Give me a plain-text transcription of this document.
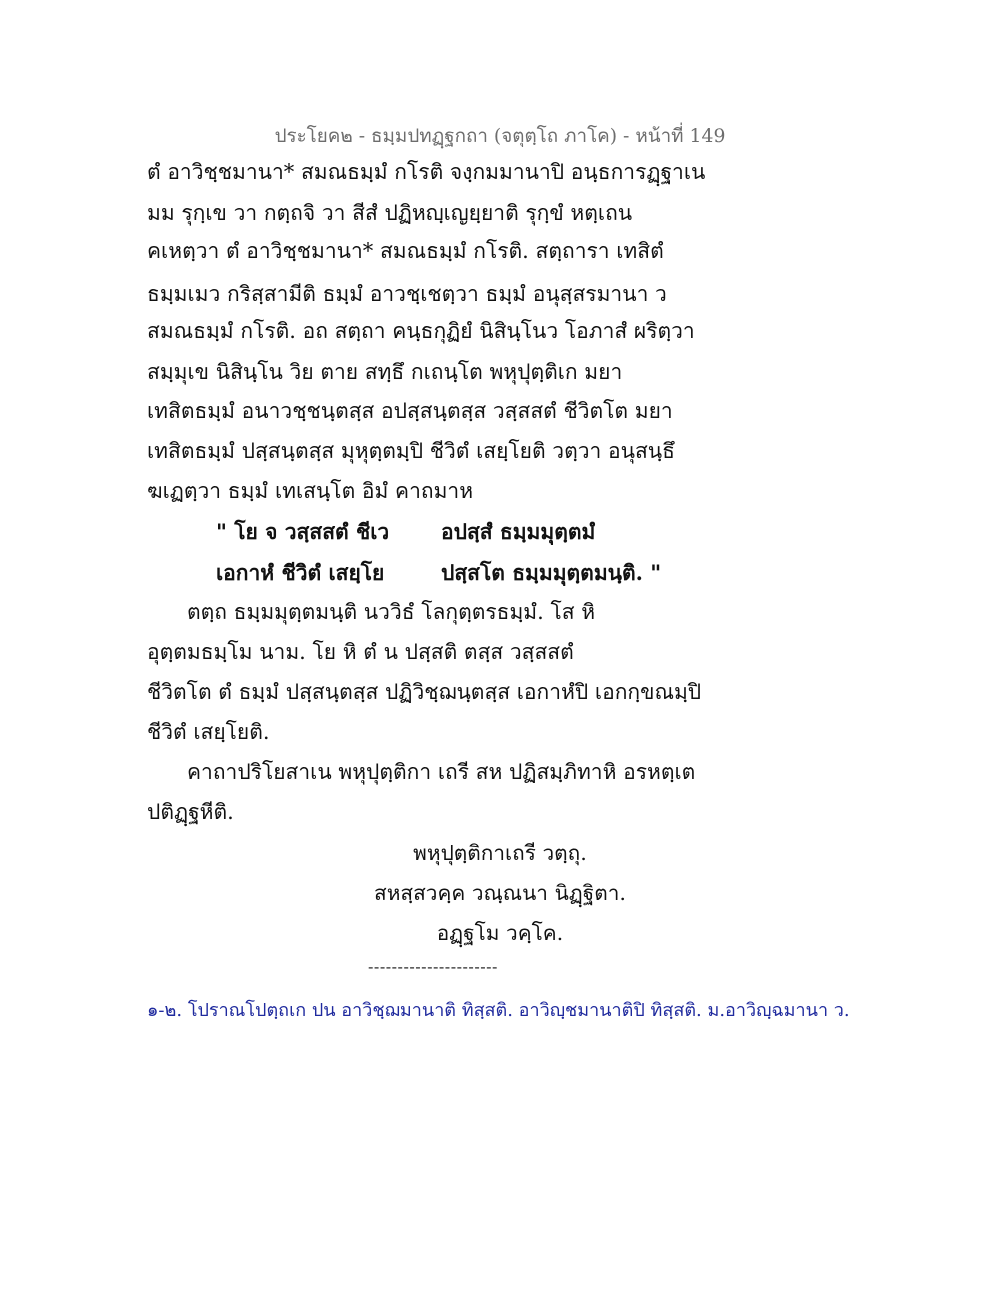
ประโยค๒ - ธมฺมปทฏฺฐกถา (จตุตฺโถ ภาโค) - หน้าที่ 149
ตํ อาวิชฺชมานา* สมณธมฺมํ กโรติ จงฺกมมานาปิ อนฺธการฏฺฐาเน
มม รุกฺเข วา กตฺถจิ วา สีสํ ปฏิหญฺเญยฺยาติ รุกฺขํ หตฺเถน
คเหตฺวา ตํ อาวิชฺชมานา* สมณธมฺมํ กโรติ. สตฺถารา เทสิตํ
ธมฺมเมว กริสฺสามีติ ธมฺมํ อาวชฺเชตฺวา ธมฺมํ อนุสฺสรมานา ว
สมณธมฺมํ กโรติ. อถ สตฺถา คนฺธกุฏิยํ นิสินฺโนว โอภาสํ ผริตฺวา
สมฺมุเข นิสินฺโน วิย ตาย สทฺธึ กเถนฺโต พหุปุตฺติเก มยา
เทสิตธมฺมํ อนาวชฺชนฺตสฺส อปสฺสนฺตสฺส วสฺสสตํ ชีวิตโต มยา
เทสิตธมฺมํ ปสฺสนฺตสฺส มุหุตฺตมฺปิ ชีวิตํ เสยฺโยติ วตฺวา อนุสนฺธึ
ฆเฏตฺวา ธมฺมํ เทเสนฺโต อิมํ คาถมาห
" โย จ วสฺสสตํ ชีเว อปสฺสํ ธมฺมมุตฺตมํ
เอกาหํ ชีวิตํ เสยฺโย	ปสฺสโต ธมฺมมุตฺตมนฺติ. "
ตตฺถ ธมฺมมุตฺตมนฺติ นววิธํ โลกุตฺตรธมฺมํ. โส หิ
อุตฺตมธมฺโม นาม. โย หิ ตํ น ปสฺสติ ตสฺส วสฺสสตํ
ชีวิตโต ตํ ธมฺมํ ปสฺสนฺตสฺส ปฏิวิชฺฌนฺตสฺส เอกาหํปิ เอกกฺขณมฺปิ
ชีวิตํ เสยฺโยติ.
คาถาปริโยสาเน พหุปุตฺติกา เถรี สห ปฏิสมฺภิทาหิ อรหตฺเต
ปติฏฺฐหีติ.
พหุปุตฺติกาเถรี วตฺถุ.
สหสฺสวคฺค วณฺณนา นิฏฺฐิตา.
อฏฺฐโม วคฺโค.
----------------------
๑-๒. โปราณโปตฺถเก ปน อาวิชฺฌมานาติ ทิสฺสติ. อาวิญฺชมานาติปิ ทิสฺสติ. ม.อาวิญฺฉมานา ว.
